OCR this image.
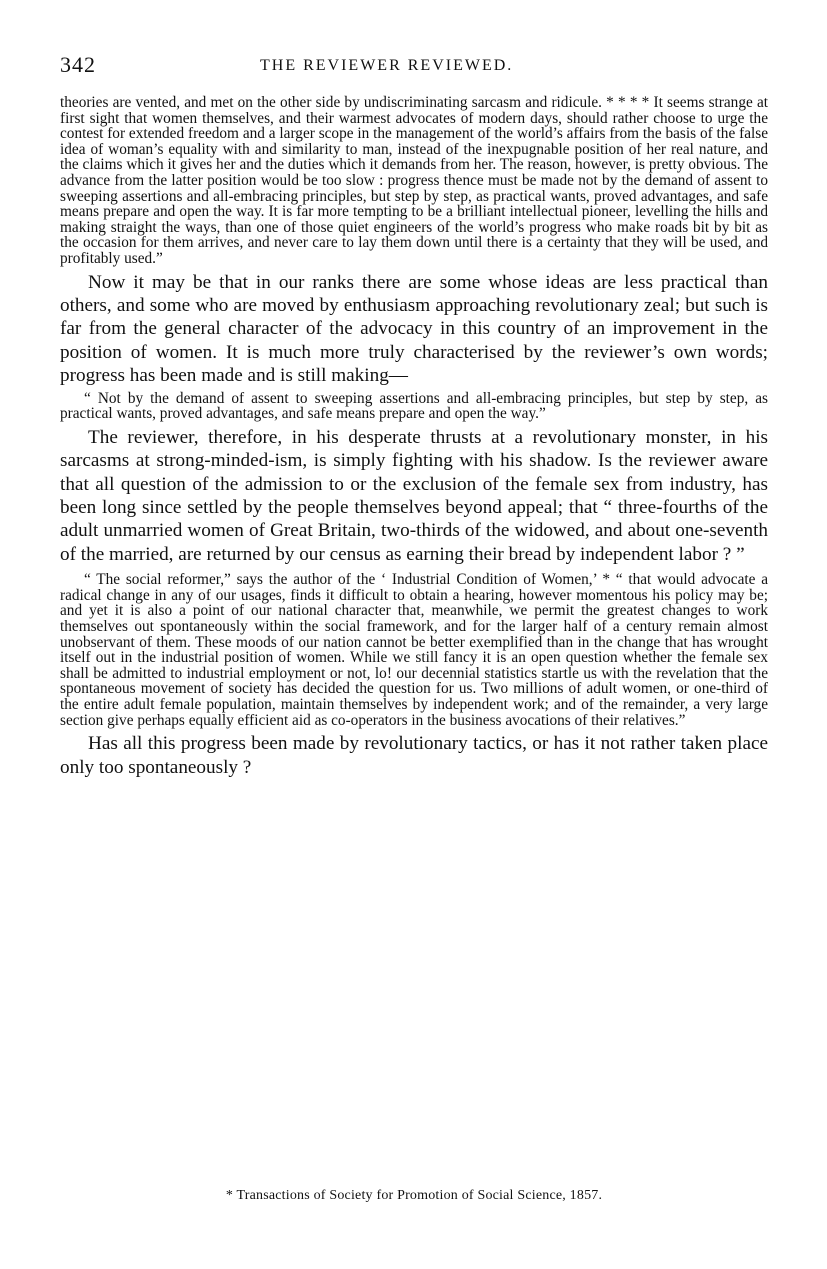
342	THE REVIEWER REVIEWED.

theories are vented, and met on the other side by undiscriminating sarcasm and ridicule. * * * * It seems strange at first sight that women themselves, and their warmest advocates of modern days, should rather choose to urge the contest for extended freedom and a larger scope in the management of the world’s affairs from the basis of the false idea of woman’s equality with and similarity to man, instead of the inexpugnable position of her real nature, and the claims which it gives her and the duties which it demands from her. The reason, however, is pretty obvious. The advance from the latter position would be too slow : progress thence must be made not by the demand of assent to sweeping assertions and all-embracing principles, but step by step, as practical wants, proved advantages, and safe means prepare and open the way. It is far more tempting to be a brilliant intellectual pioneer, levelling the hills and making straight the ways, than one of those quiet engineers of the world’s progress who make roads bit by bit as the occasion for them arrives, and never care to lay them down until there is a certainty that they will be used, and profitably used.”

Now it may be that in our ranks there are some whose ideas are less practical than others, and some who are moved by enthusiasm approaching revolutionary zeal; but such is far from the general character of the advocacy in this country of an improvement in the position of women. It is much more truly characterised by the reviewer’s own words; progress has been made and is still making—

“ Not by the demand of assent to sweeping assertions and all-embracing principles, but step by step, as practical wants, proved advantages, and safe means prepare and open the way.”

The reviewer, therefore, in his desperate thrusts at a revolutionary monster, in his sarcasms at strong-minded-ism, is simply fighting with his shadow. Is the reviewer aware that all question of the admission to or the exclusion of the female sex from industry, has been long since settled by the people themselves beyond appeal; that “ three-fourths of the adult unmarried women of Great Britain, two-thirds of the widowed, and about one-seventh of the married, are returned by our census as earning their bread by independent labor ? ”

“ The social reformer,” says the author of the ‘ Industrial Condition of Women,’ * “ that would advocate a radical change in any of our usages, finds it difficult to obtain a hearing, however momentous his policy may be; and yet it is also a point of our national character that, meanwhile, we permit the greatest changes to work themselves out spontaneously within the social framework, and for the larger half of a century remain almost unobservant of them. These moods of our nation cannot be better exemplified than in the change that has wrought itself out in the industrial position of women. While we still fancy it is an open question whether the female sex shall be admitted to industrial employment or not, lo! our decennial statistics startle us with the revelation that the spontaneous movement of society has decided the question for us. Two millions of adult women, or one-third of the entire adult female population, maintain themselves by independent work; and of the remainder, a very large section give perhaps equally efficient aid as co-operators in the business avocations of their relatives.”

Has all this progress been made by revolutionary tactics, or has it not rather taken place only too spontaneously ?

* Transactions of Society for Promotion of Social Science, 1857.
